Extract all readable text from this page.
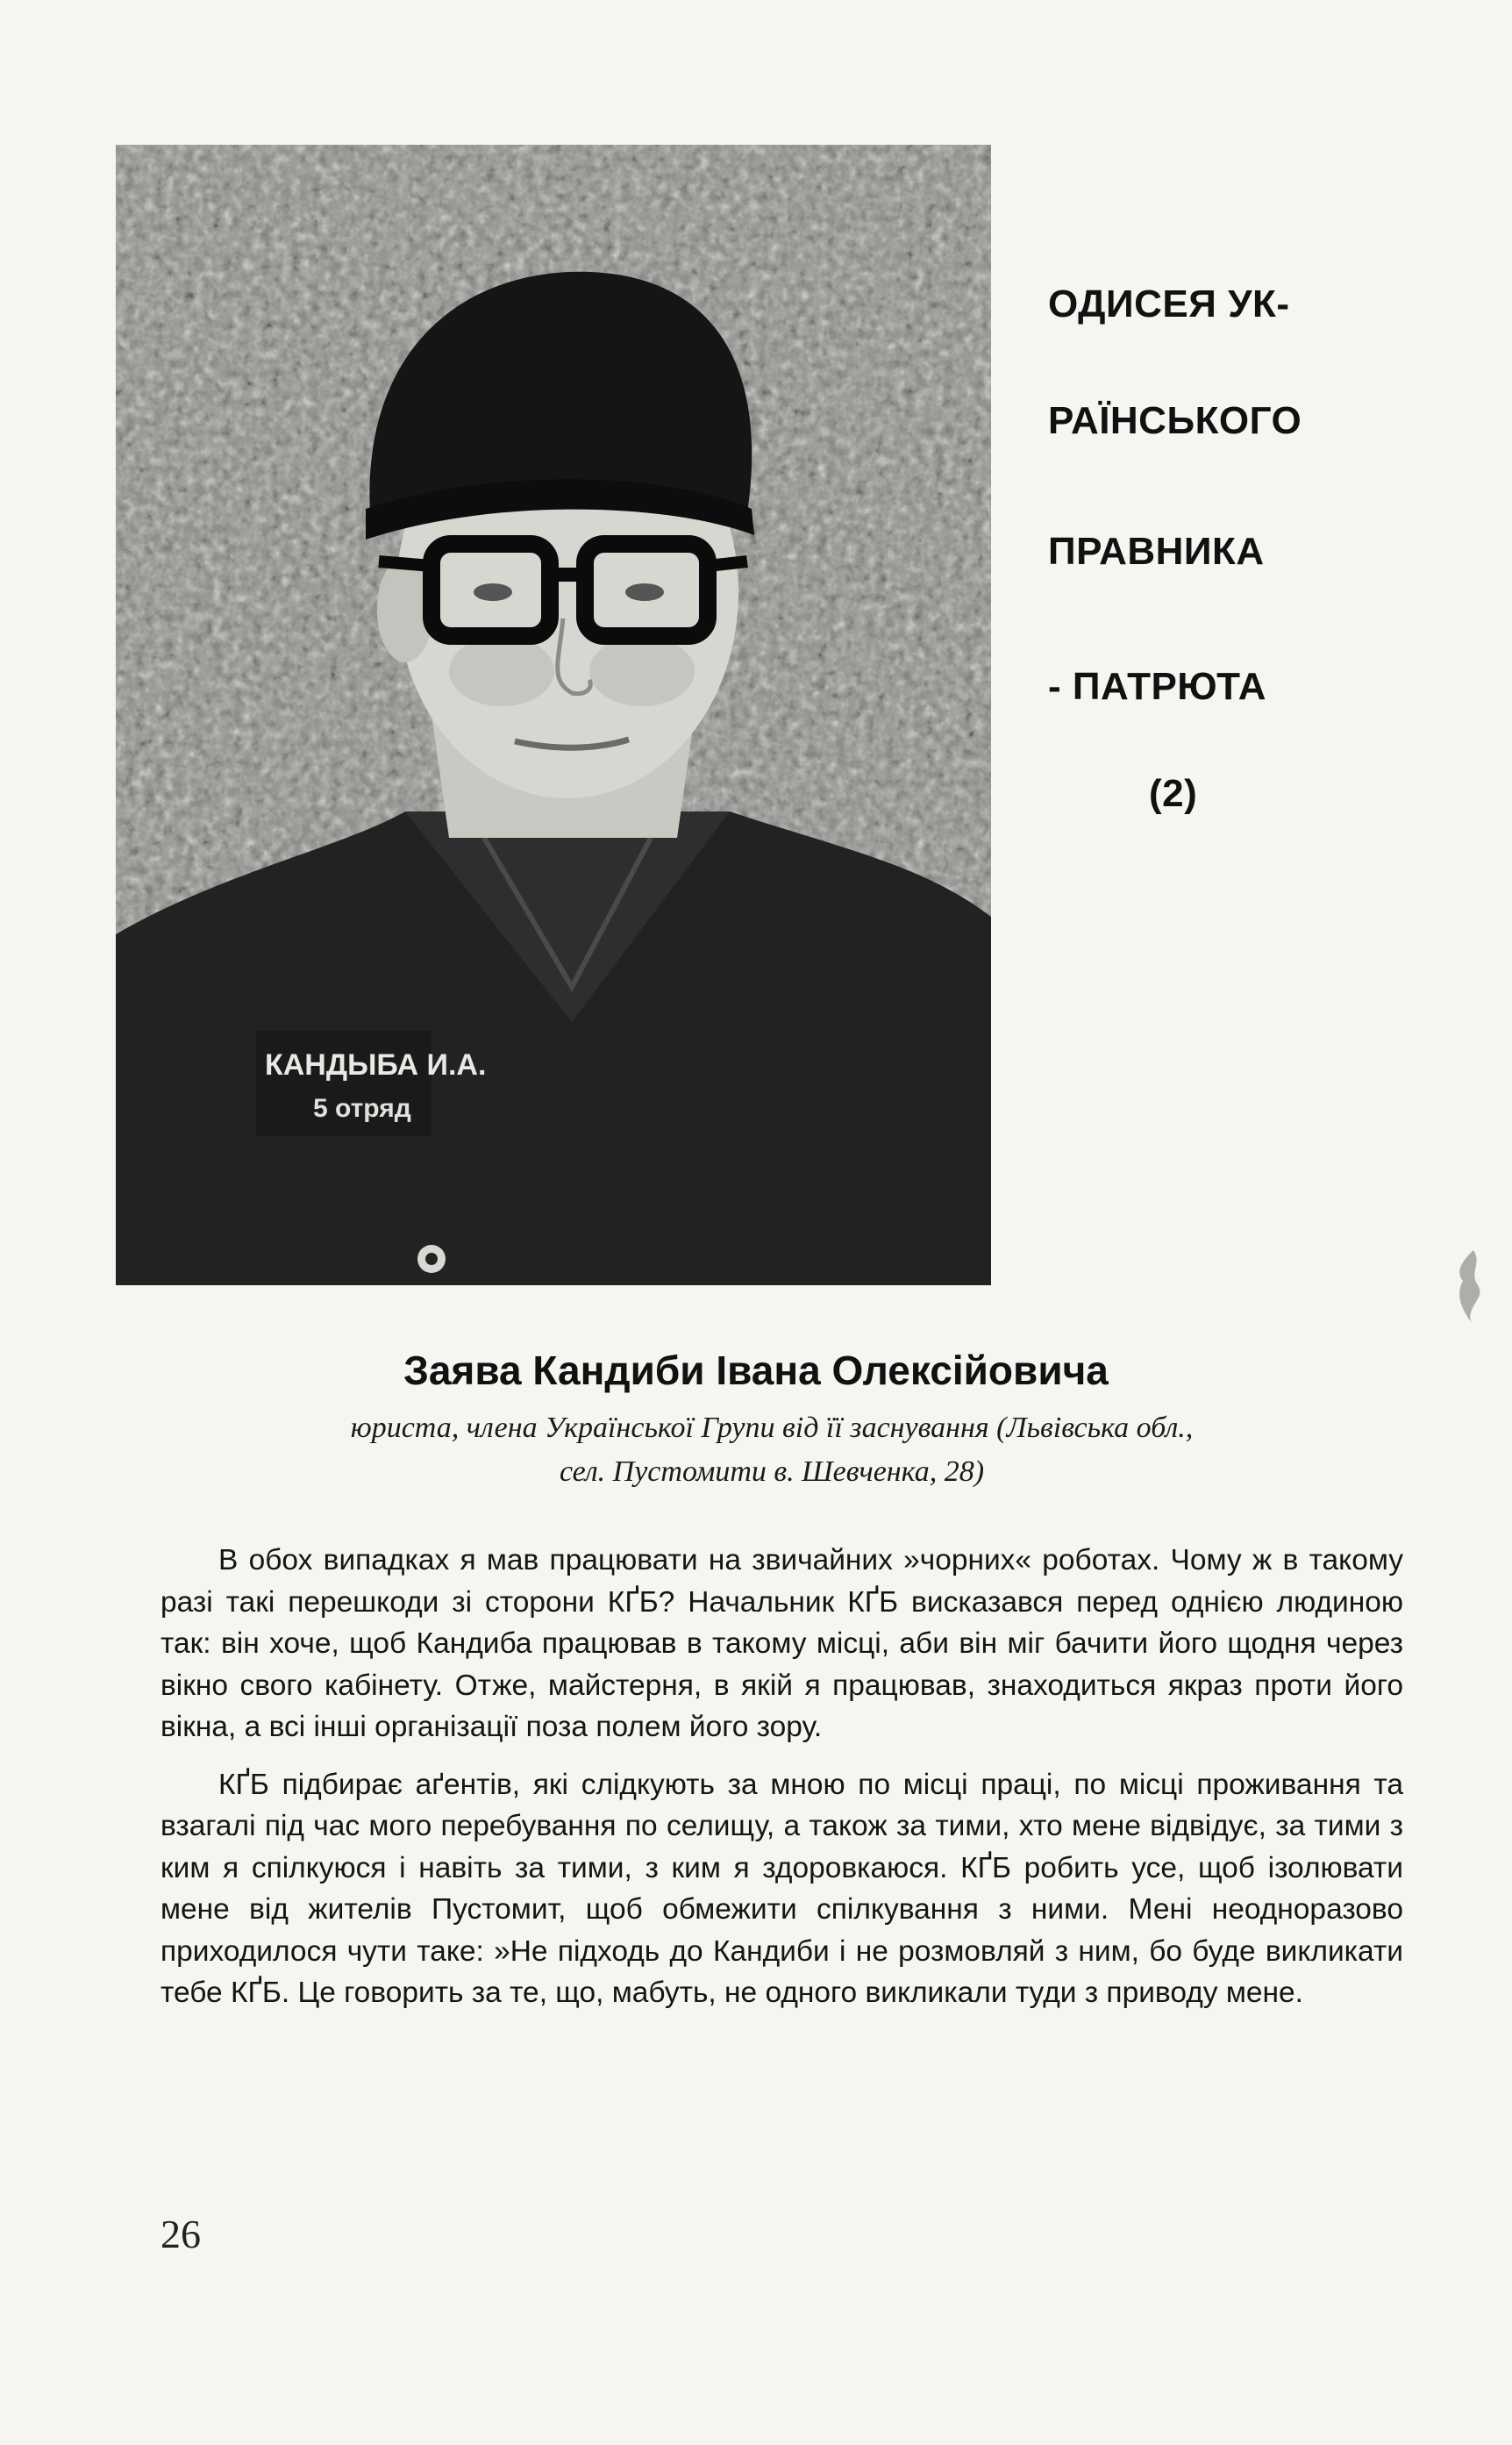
КАНДЫБА И.А.
5 отряд
ОДИСЕЯ УК-
РАЇНСЬКОГО
ПРАВНИКА
- ПАТРЮТА
(2)
Заява Кандиби Івана Олексійовича
юриста, члена Української Групи від її заснування (Львівська обл.,
сел. Пустомити в. Шевченка, 28)

В обох випадках я мав працювати на звичайних »чорних« роботах. Чому ж в такому разі такі перешкоди зі сторони КҐБ? Начальник КҐБ висказався перед однією людиною так: він хоче, щоб Кандиба працював в такому місці, аби він міг бачити його щодня через вікно свого кабінету. Отже, майстерня, в якій я працював, знаходиться якраз проти його вікна, а всі інші організації поза полем його зору.

КҐБ підбирає аґентів, які слідкують за мною по місці праці, по місці проживання та взагалі під час мого перебування по селищу, а також за тими, хто мене відвідує, за тими з ким я спілкуюся і навіть за тими, з ким я здоровкаюся. КҐБ робить усе, щоб ізолювати мене від жителів Пустомит, щоб обмежити спілкування з ними. Мені неодноразово приходилося чути таке: »Не підходь до Кандиби і не розмовляй з ним, бо буде викликати тебе КҐБ. Це говорить за те, що, мабуть, не одного викликали туди з приводу мене.

26
